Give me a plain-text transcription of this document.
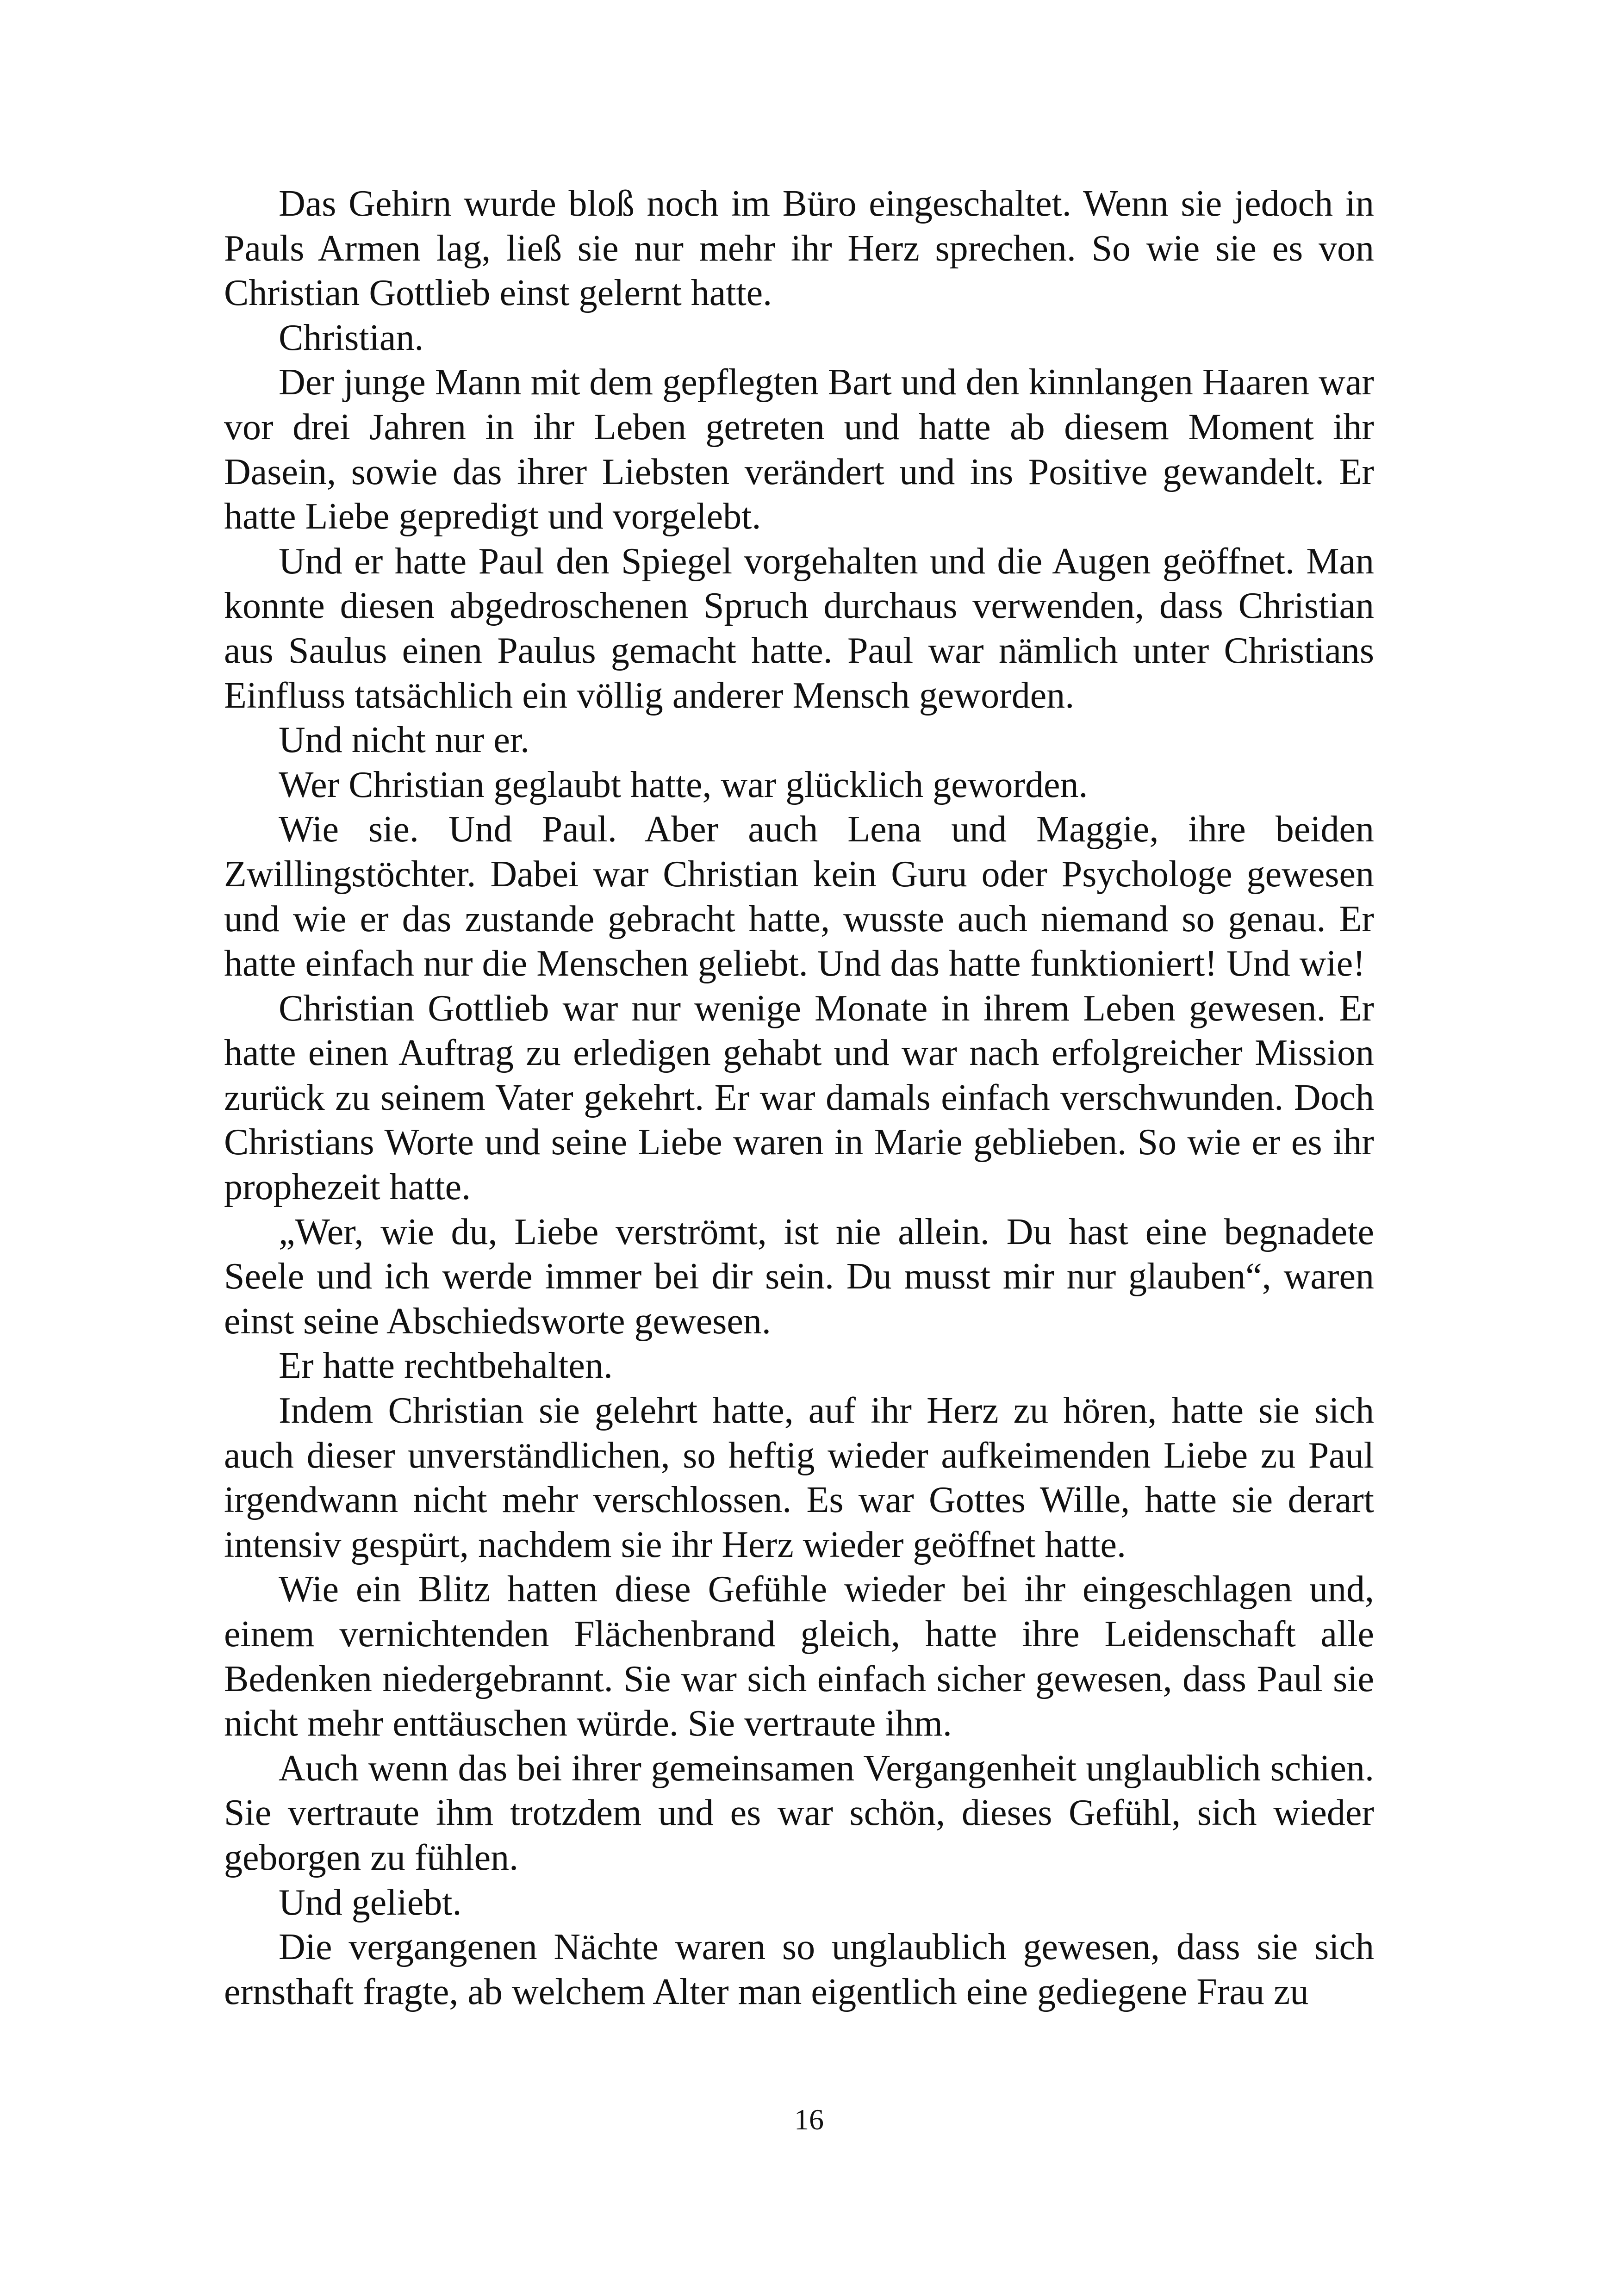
Das Gehirn wurde bloß noch im Büro eingeschaltet. Wenn sie jedoch in Pauls Armen lag, ließ sie nur mehr ihr Herz sprechen. So wie sie es von Christian Gottlieb einst gelernt hatte.

Christian.

Der junge Mann mit dem gepflegten Bart und den kinnlangen Haaren war vor drei Jahren in ihr Leben getreten und hatte ab diesem Moment ihr Dasein, sowie das ihrer Liebsten verändert und ins Positive gewandelt. Er hatte Liebe gepredigt und vorgelebt.

Und er hatte Paul den Spiegel vorgehalten und die Augen geöffnet. Man konnte diesen abgedroschenen Spruch durchaus verwenden, dass Christian aus Saulus einen Paulus gemacht hatte. Paul war nämlich unter Christians Einfluss tatsächlich ein völlig anderer Mensch geworden.

Und nicht nur er.

Wer Christian geglaubt hatte, war glücklich geworden.

Wie sie. Und Paul. Aber auch Lena und Maggie, ihre beiden Zwillingstöchter. Dabei war Christian kein Guru oder Psychologe gewesen und wie er das zustande gebracht hatte, wusste auch niemand so genau. Er hatte einfach nur die Menschen geliebt. Und das hatte funktioniert! Und wie!

Christian Gottlieb war nur wenige Monate in ihrem Leben gewesen. Er hatte einen Auftrag zu erledigen gehabt und war nach erfolgreicher Mission zurück zu seinem Vater gekehrt. Er war damals einfach verschwunden. Doch Christians Worte und seine Liebe waren in Marie geblieben. So wie er es ihr prophezeit hatte.

„Wer, wie du, Liebe verströmt, ist nie allein. Du hast eine begnadete Seele und ich werde immer bei dir sein. Du musst mir nur glauben“, waren einst seine Abschiedsworte gewesen.

Er hatte rechtbehalten.

Indem Christian sie gelehrt hatte, auf ihr Herz zu hören, hatte sie sich auch dieser unverständlichen, so heftig wieder aufkeimenden Liebe zu Paul irgendwann nicht mehr verschlossen. Es war Gottes Wille, hatte sie derart intensiv gespürt, nachdem sie ihr Herz wieder geöffnet hatte.

Wie ein Blitz hatten diese Gefühle wieder bei ihr eingeschlagen und, einem vernichtenden Flächenbrand gleich, hatte ihre Leidenschaft alle Bedenken niedergebrannt. Sie war sich einfach sicher gewesen, dass Paul sie nicht mehr enttäuschen würde. Sie vertraute ihm.

Auch wenn das bei ihrer gemeinsamen Vergangenheit unglaublich schien. Sie vertraute ihm trotzdem und es war schön, dieses Gefühl, sich wieder geborgen zu fühlen.

Und geliebt.

Die vergangenen Nächte waren so unglaublich gewesen, dass sie sich ernsthaft fragte, ab welchem Alter man eigentlich eine gediegene Frau zu

16
